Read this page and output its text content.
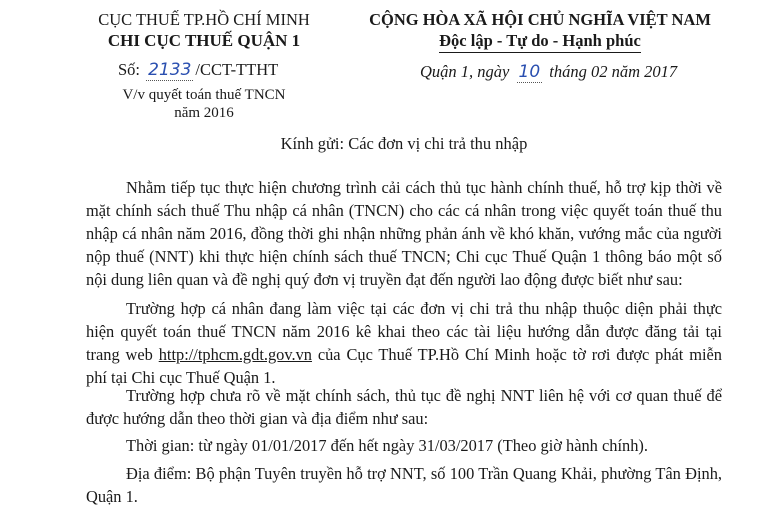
CỤC THUẾ TP.HỒ CHÍ MINH
CHI CỤC THUẾ QUẬN 1
Số: 2133 /CCT-TTHT
V/v quyết toán thuế TNCN
năm 2016
CỘNG HÒA XÃ HỘI CHỦ NGHĨA VIỆT NAM
Độc lập - Tự do - Hạnh phúc
Quận 1, ngày 10 tháng 02 năm 2017
Kính gửi: Các đơn vị chi trả thu nhập
Nhằm tiếp tục thực hiện chương trình cải cách thủ tục hành chính thuế, hỗ trợ kịp thời về mặt chính sách thuế Thu nhập cá nhân (TNCN) cho các cá nhân trong việc quyết toán thuế thu nhập cá nhân năm 2016, đồng thời ghi nhận những phản ánh về khó khăn, vướng mắc của người nộp thuế (NNT) khi thực hiện chính sách thuế TNCN; Chi cục Thuế Quận 1 thông báo một số nội dung liên quan và đề nghị quý đơn vị truyền đạt đến người lao động được biết như sau:
Trường hợp cá nhân đang làm việc tại các đơn vị chi trả thu nhập thuộc diện phải thực hiện quyết toán thuế TNCN năm 2016 kê khai theo các tài liệu hướng dẫn được đăng tải tại trang web http://tphcm.gdt.gov.vn của Cục Thuế TP.Hồ Chí Minh hoặc tờ rơi được phát miễn phí tại Chi cục Thuế Quận 1.
Trường hợp chưa rõ về mặt chính sách, thủ tục đề nghị NNT liên hệ với cơ quan thuế để được hướng dẫn theo thời gian và địa điểm như sau:
Thời gian: từ ngày 01/01/2017 đến hết ngày 31/03/2017 (Theo giờ hành chính).
Địa điểm: Bộ phận Tuyên truyền hỗ trợ NNT, số 100 Trần Quang Khải, phường Tân Định, Quận 1.
